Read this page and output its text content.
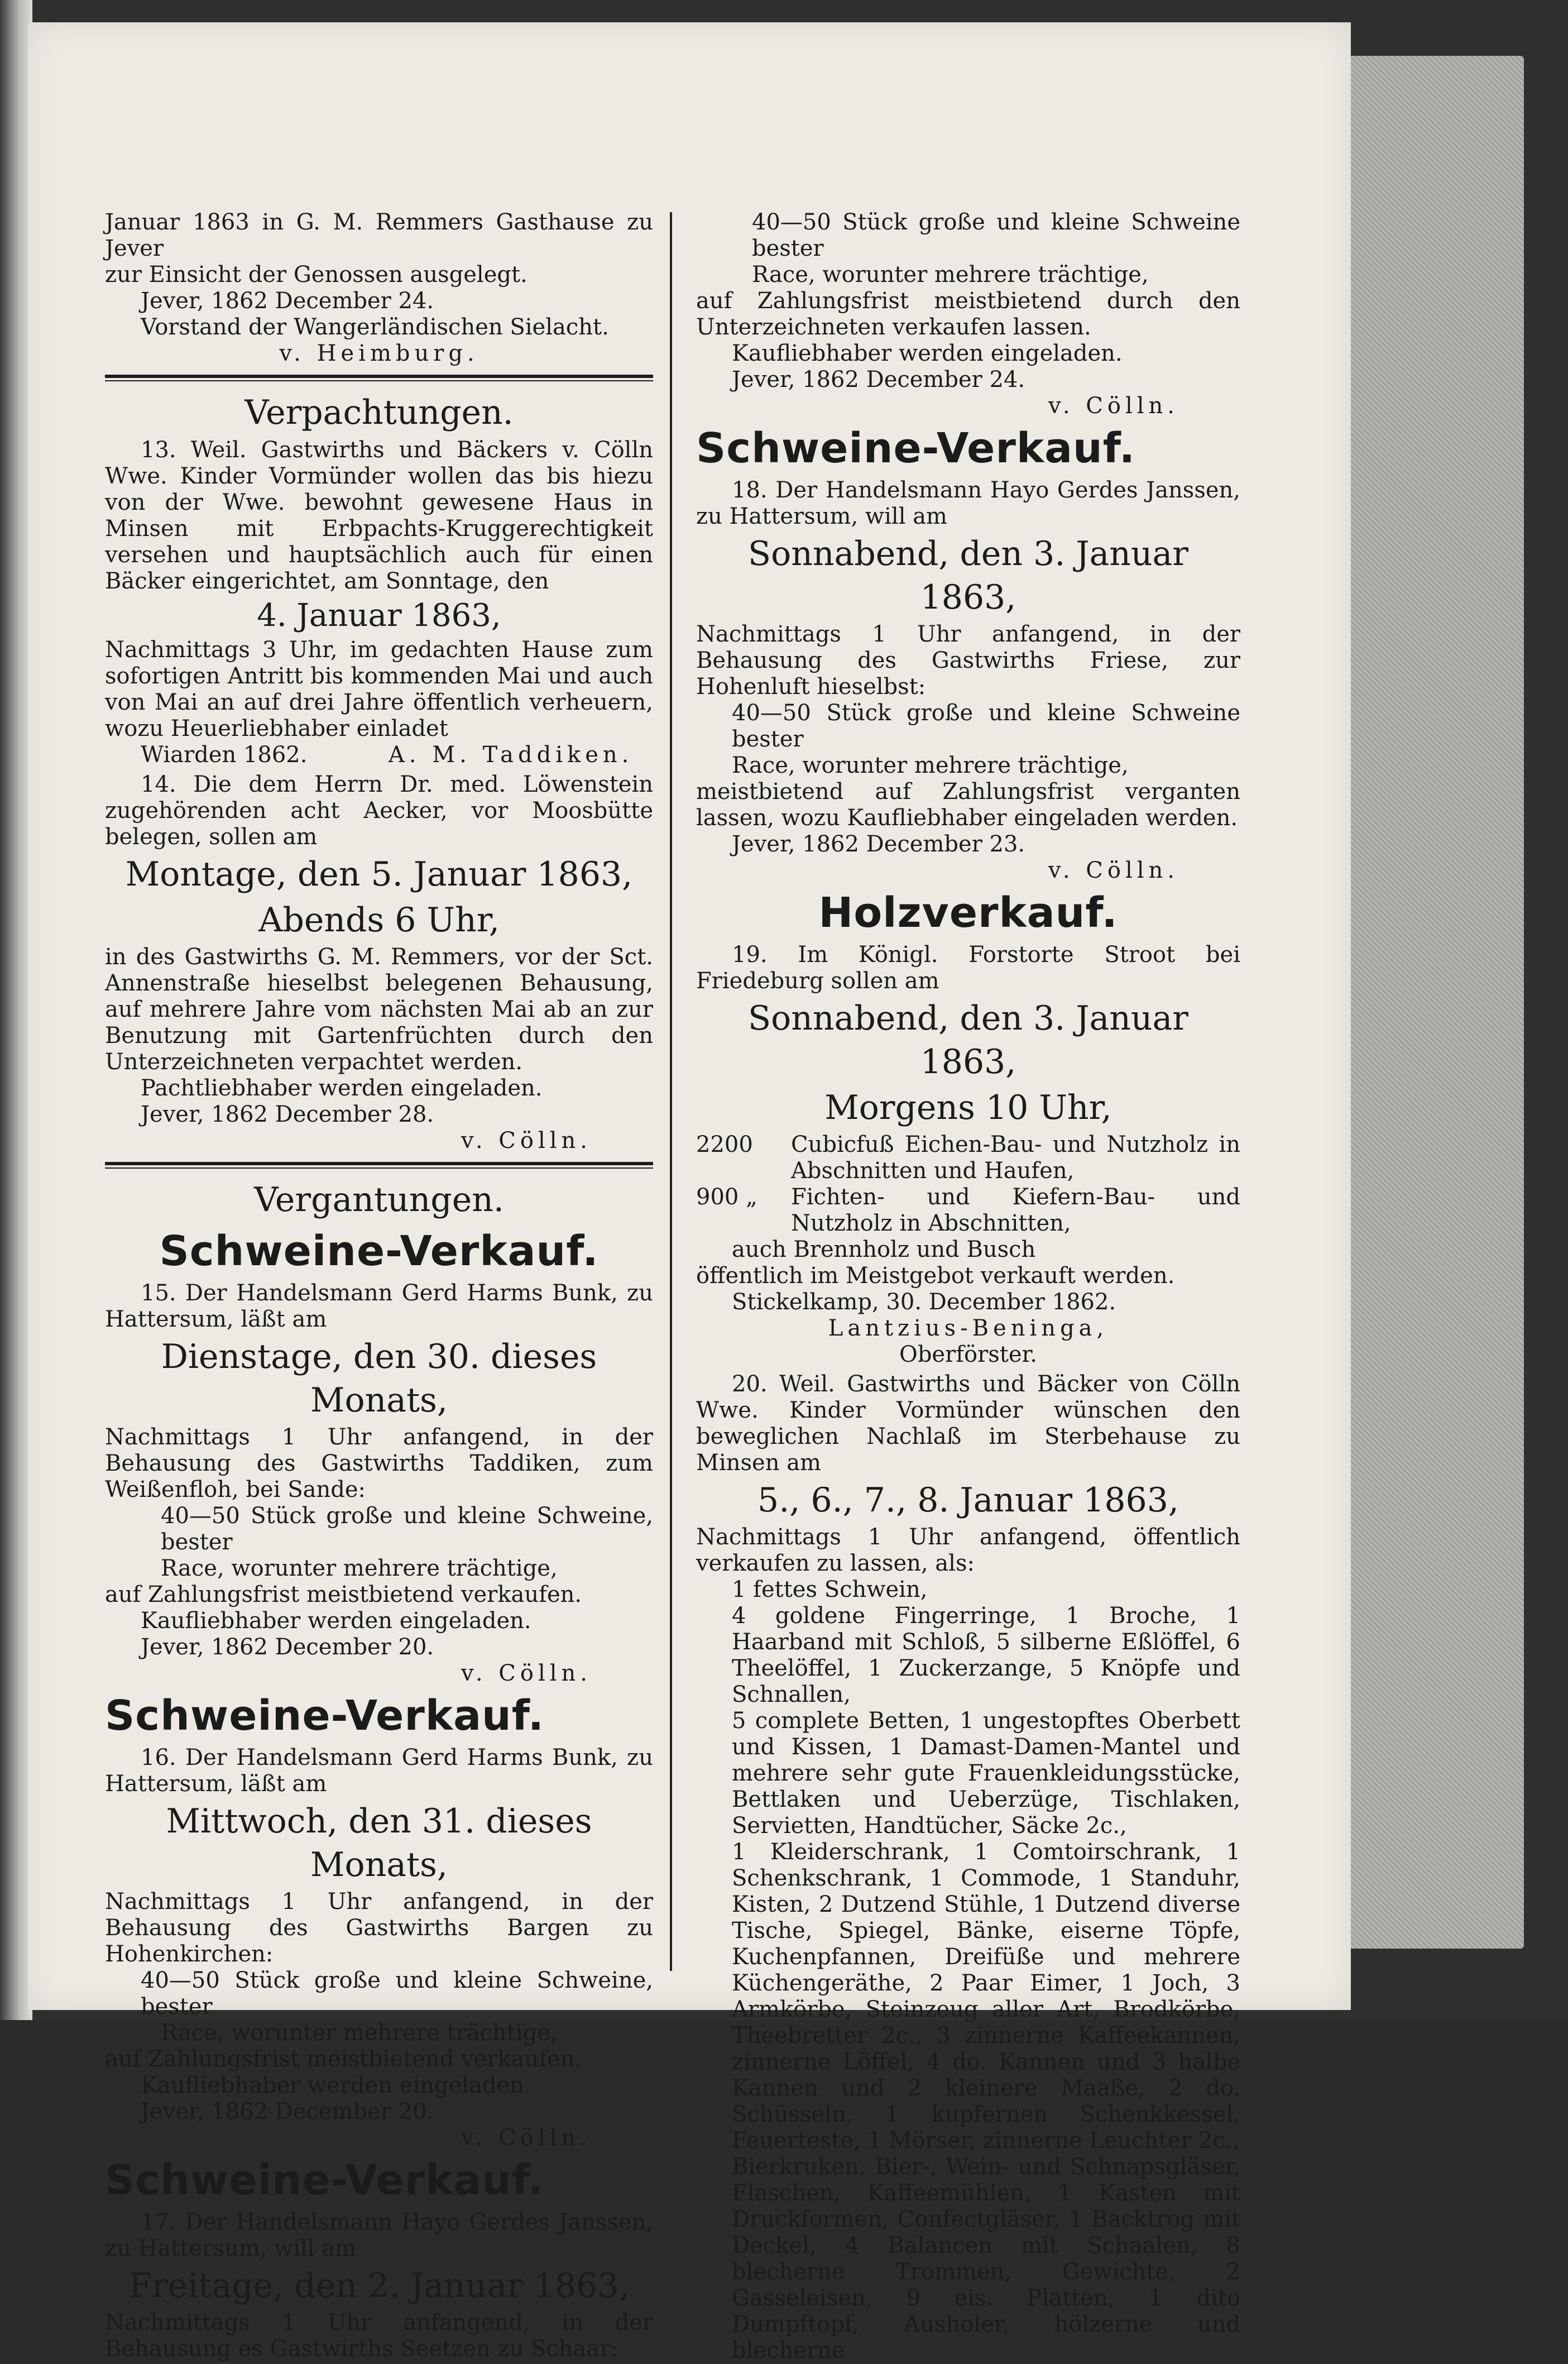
Januar 1863 in G. M. Remmers Gasthause zu Jever

zur Einsicht der Genossen ausgelegt.

Jever, 1862 December 24.

Vorstand der Wangerländischen Sielacht.

v. Heimburg.

Verpachtungen.

13. Weil. Gastwirths und Bäckers v. Cölln Wwe. Kinder Vormünder wollen das bis hiezu von der Wwe. bewohnt gewesene Haus in Minsen mit Erbpachts-Kruggerechtigkeit versehen und hauptsächlich auch für einen Bäcker eingerichtet, am Sonntage, den

4. Januar 1863,

Nachmittags 3 Uhr, im gedachten Hause zum sofortigen Antritt bis kommenden Mai und auch von Mai an auf drei Jahre öffentlich verheuern, wozu Heuerliebhaber einladet

Wiarden 1862.	A. M. Taddiken.

14. Die dem Herrn Dr. med. Löwenstein zugehörenden acht Aecker, vor Moosbütte belegen, sollen am

Montage, den 5. Januar 1863,
Abends 6 Uhr,

in des Gastwirths G. M. Remmers, vor der Sct. Annenstraße hieselbst belegenen Behausung, auf mehrere Jahre vom nächsten Mai ab an zur Benutzung mit Gartenfrüchten durch den Unterzeichneten verpachtet werden.

Pachtliebhaber werden eingeladen.

Jever, 1862 December 28.

v. Cölln.

Vergantungen.
Schweine-Verkauf.

15. Der Handelsmann Gerd Harms Bunk, zu Hattersum, läßt am

Dienstage, den 30. dieses Monats,

Nachmittags 1 Uhr anfangend, in der Behausung des Gastwirths Taddiken, zum Weißenfloh, bei Sande:

40—50 Stück große und kleine Schweine, bester

Race, worunter mehrere trächtige,

auf Zahlungsfrist meistbietend verkaufen.

Kaufliebhaber werden eingeladen.

Jever, 1862 December 20.

v. Cölln.

Schweine-Verkauf.

16. Der Handelsmann Gerd Harms Bunk, zu Hattersum, läßt am

Mittwoch, den 31. dieses Monats,

Nachmittags 1 Uhr anfangend, in der Behausung des Gastwirths Bargen zu Hohenkirchen:

40—50 Stück große und kleine Schweine, bester

Race, worunter mehrere trächtige,

auf Zahlungsfrist meistbietend verkaufen.

Kaufliebhaber werden eingeladen.

Jever, 1862 December 20.

v. Cölln.

Schweine-Verkauf.

17. Der Handelsmann Hayo Gerdes Janssen, zu Hattersum, will am

Freitage, den 2. Januar 1863,

Nachmittags 1 Uhr anfangend, in der Behausung es Gastwirths Seetzen zu Schaar:

40—50 Stück große und kleine Schweine bester

Race, worunter mehrere trächtige,

auf Zahlungsfrist meistbietend durch den Unterzeichneten verkaufen lassen.

Kaufliebhaber werden eingeladen.

Jever, 1862 December 24.

v. Cölln.

Schweine-Verkauf.

18. Der Handelsmann Hayo Gerdes Janssen, zu Hattersum, will am

Sonnabend, den 3. Januar 1863,

Nachmittags 1 Uhr anfangend, in der Behausung des Gastwirths Friese, zur Hohenluft hieselbst:

40—50 Stück große und kleine Schweine bester

Race, worunter mehrere trächtige,

meistbietend auf Zahlungsfrist verganten lassen, wozu Kaufliebhaber eingeladen werden.

Jever, 1862 December 23.

v. Cölln.

Holzverkauf.

19. Im Königl. Forstorte Stroot bei Friedeburg sollen am

Sonnabend, den 3. Januar 1863,
Morgens 10 Uhr,
2200	Cubicfuß Eichen-Bau- und Nutzholz in Abschnitten und Haufen,
900 „	Fichten- und Kiefern-Bau- und Nutzholz in Abschnitten,

auch Brennholz und Busch

öffentlich im Meistgebot verkauft werden.

Stickelkamp, 30. December 1862.

Lantzius-Beninga,

Oberförster.

20. Weil. Gastwirths und Bäcker von Cölln Wwe. Kinder Vormünder wünschen den beweglichen Nachlaß im Sterbehause zu Minsen am

5., 6., 7., 8. Januar 1863,

Nachmittags 1 Uhr anfangend, öffentlich verkaufen zu lassen, als:

1 fettes Schwein,

4 goldene Fingerringe, 1 Broche, 1 Haarband mit Schloß, 5 silberne Eßlöffel, 6 Theelöffel, 1 Zuckerzange, 5 Knöpfe und Schnallen,

5 complete Betten, 1 ungestopftes Oberbett und Kissen, 1 Damast-Damen-Mantel und mehrere sehr gute Frauenkleidungsstücke, Bettlaken und Ueberzüge, Tischlaken, Servietten, Handtücher, Säcke 2c.,

1 Kleiderschrank, 1 Comtoirschrank, 1 Schenkschrank, 1 Commode, 1 Standuhr, Kisten, 2 Dutzend Stühle, 1 Dutzend diverse Tische, Spiegel, Bänke, eiserne Töpfe, Kuchenpfannen, Dreifüße und mehrere Küchengeräthe, 2 Paar Eimer, 1 Joch, 3 Armkörbe, Steinzeug aller Art, Brodkörbe, Theebretter 2c., 3 zinnerne Kaffeekannen, zinnerne Löffel, 4 do. Kannen und 3 halbe Kannen und 2 kleinere Maaße, 2 do. Schüsseln, 1 kupfernen Schenkkessel, Feuerteste, 1 Mörser, zinnerne Leuchter 2c.,

Bierkruken, Bier-, Wein- und Schnapsgläser, Flaschen, Kaffeemühlen, 1 Kasten mit Druckformen, Confectgläser, 1 Backtrog mit Deckel, 4 Balancen mit Schaalen, 8 blecherne Trommen, Gewichte, 2 Gasseleisen, 9 eis. Platten, 1 dito Dumpftopf, Ausholer, hölzerne und blecherne
